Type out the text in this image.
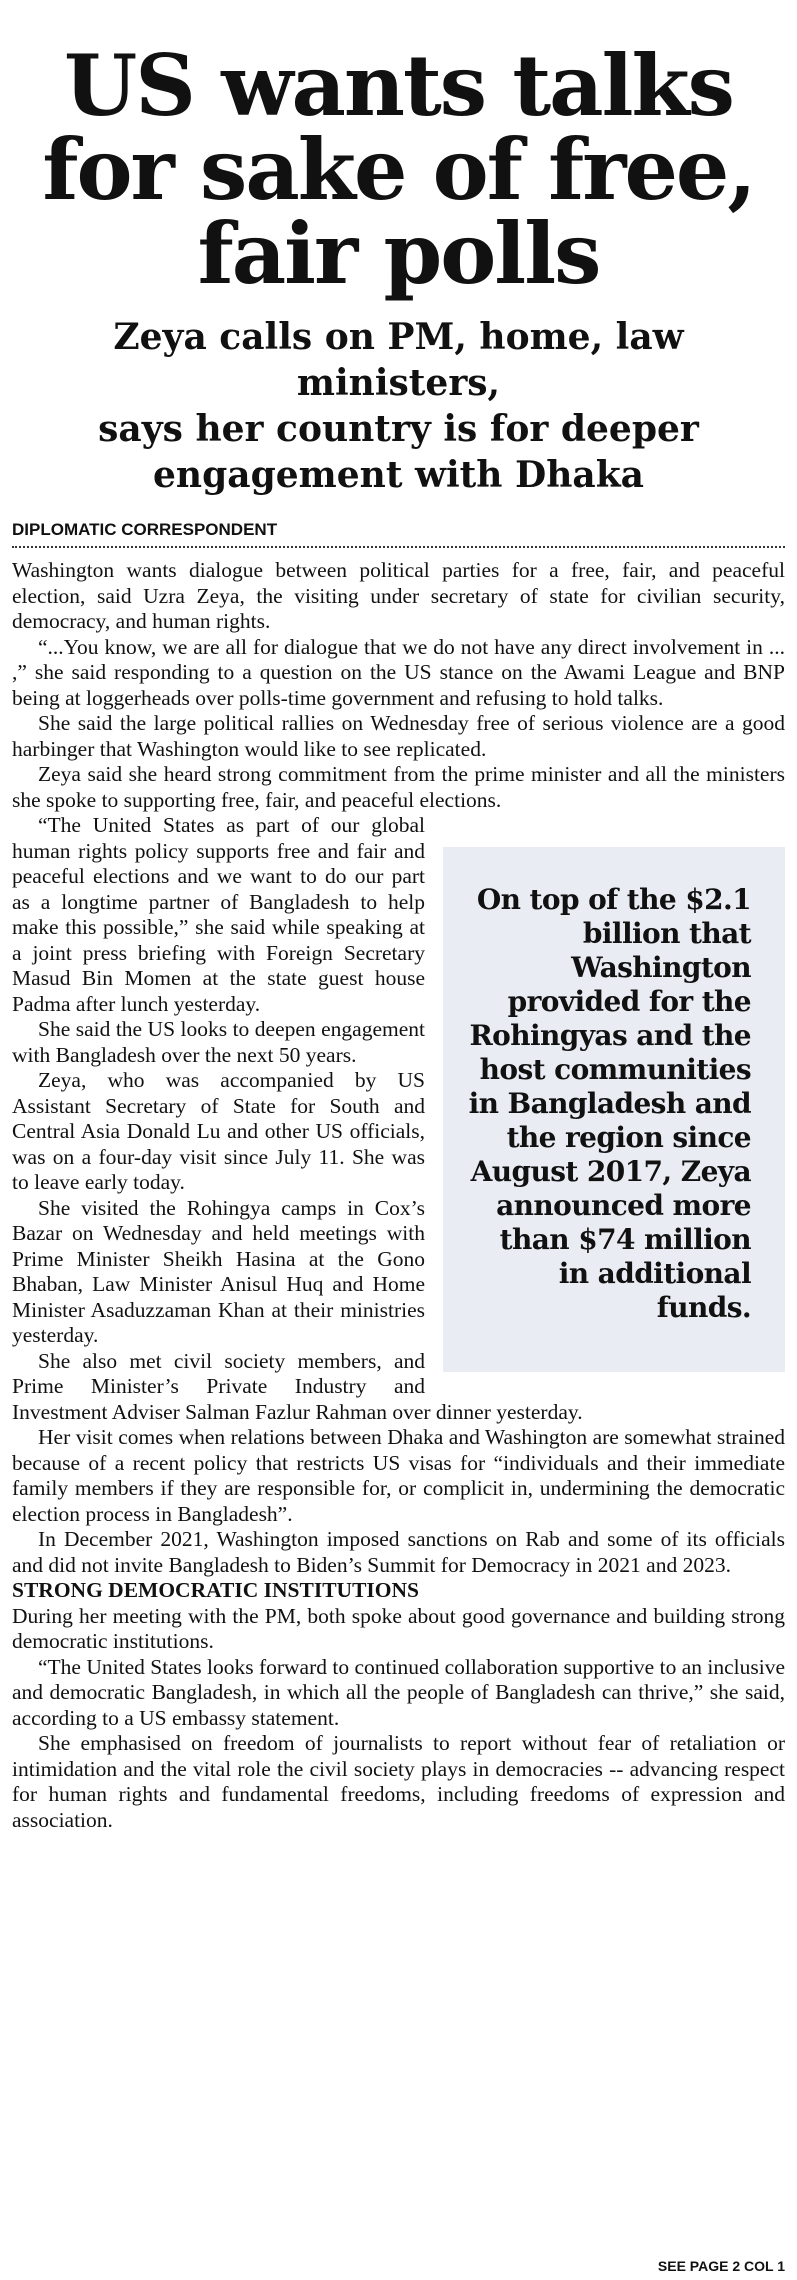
US wants talks
for sake of free,
fair polls
Zeya calls on PM, home, law ministers,
says her country is for deeper
engagement with Dhaka
DIPLOMATIC CORRESPONDENT

Washington wants dialogue between political parties for a free, fair, and peaceful election, said Uzra Zeya, the visiting under secretary of state for civilian security, democracy, and human rights.

“...You know, we are all for dialogue that we do not have any direct involvement in ... ,” she said responding to a question on the US stance on the Awami League and BNP being at loggerheads over polls-time government and refusing to hold talks.

She said the large political rallies on Wednesday free of serious violence are a good harbinger that Washington would like to see replicated.

Zeya said she heard strong commitment from the prime minister and all the ministers she spoke to supporting free, fair, and peaceful elections.

On top of the $2.1 billion that Washington provided for the Rohingyas and the host communities in Bangladesh and the region since August 2017, Zeya announced more than $74 million in additional funds.

“The United States as part of our global human rights policy supports free and fair and peaceful elections and we want to do our part as a longtime partner of Bangladesh to help make this possible,” she said while speaking at a joint press briefing with Foreign Secretary Masud Bin Momen at the state guest house Padma after lunch yesterday.

She said the US looks to deepen engagement with Bangladesh over the next 50 years.

Zeya, who was accompanied by US Assistant Secretary of State for South and Central Asia Donald Lu and other US officials, was on a four-day visit since July 11. She was to leave early today.

She visited the Rohingya camps in Cox’s Bazar on Wednesday and held meetings with Prime Minister Sheikh Hasina at the Gono Bhaban, Law Minister Anisul Huq and Home Minister Asaduzzaman Khan at their ministries yesterday.

She also met civil society members, and Prime Minister’s Private Industry and Investment Adviser Salman Fazlur Rahman over dinner yesterday.

Her visit comes when relations between Dhaka and Washington are somewhat strained because of a recent policy that restricts US visas for “individuals and their immediate family members if they are responsible for, or complicit in, undermining the democratic election process in Bangladesh”.

In December 2021, Washington imposed sanctions on Rab and some of its officials and did not invite Bangladesh to Biden’s Summit for Democracy in 2021 and 2023.

STRONG DEMOCRATIC INSTITUTIONS

During her meeting with the PM, both spoke about good governance and building strong democratic institutions.

“The United States looks forward to continued collaboration supportive to an inclusive and democratic Bangladesh, in which all the people of Bangladesh can thrive,” she said, according to a US embassy statement.

She emphasised on freedom of journalists to report without fear of retaliation or intimidation and the vital role the civil society plays in democracies -- advancing respect for human rights and fundamental freedoms, including freedoms of expression and association.

SEE PAGE 2 COL 1
